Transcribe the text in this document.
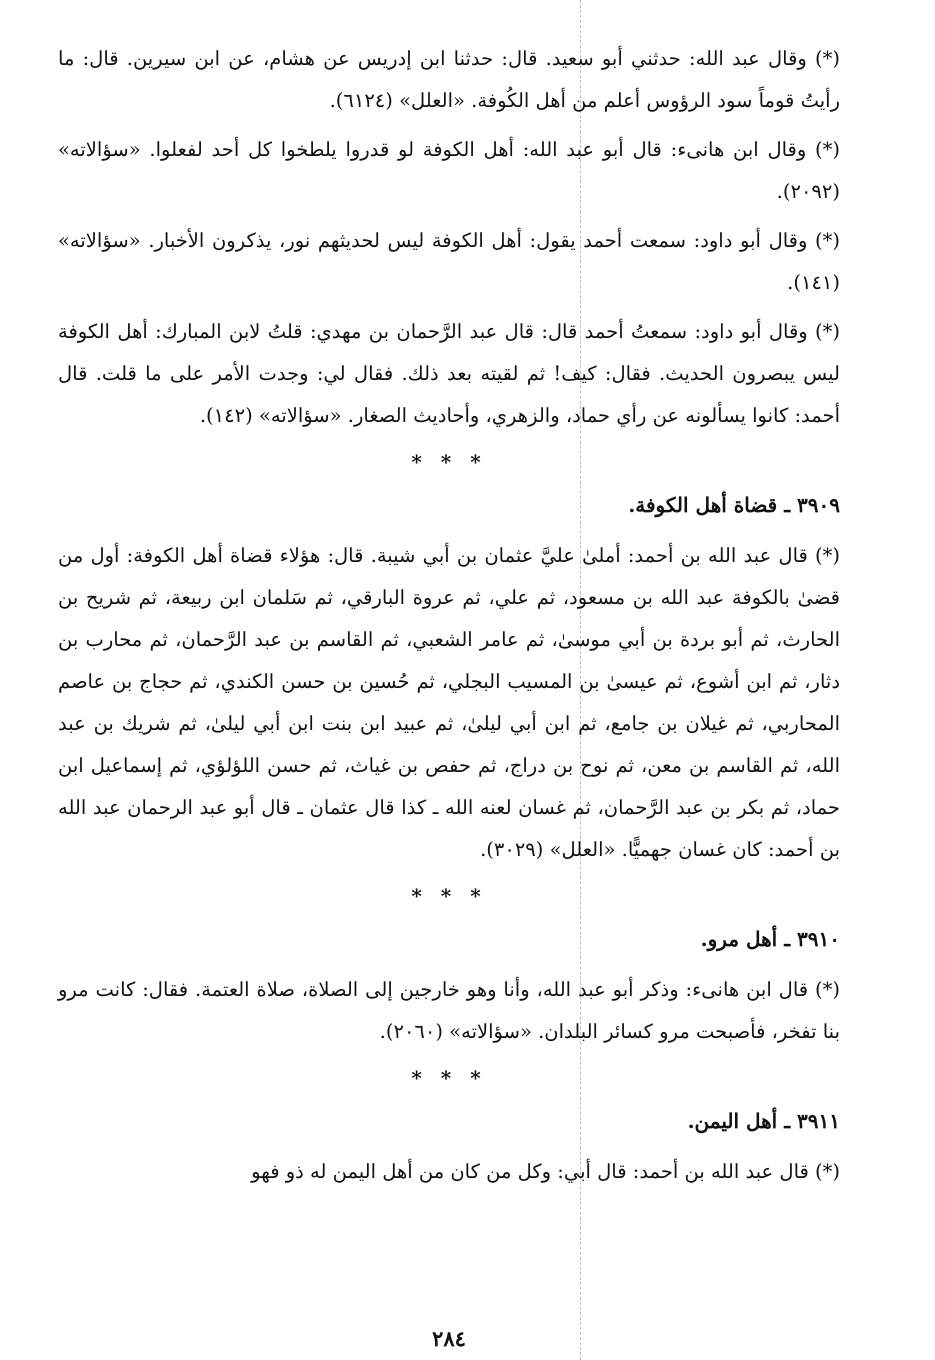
(*) وقال عبد الله: حدثني أبو سعيد. قال: حدثنا ابن إدريس عن هشام، عن ابن سيرين. قال: ما رأيتُ قوماً سود الرؤوس أعلم من أهل الكُوفة. «العلل» (٦١٢٤).

(*) وقال ابن هانىء: قال أبو عبد الله: أهل الكوفة لو قدروا يلطخوا كل أحد لفعلوا. «سؤالاته» (٢٠٩٢).

(*) وقال أبو داود: سمعت أحمد يقول: أهل الكوفة ليس لحديثهم نور، يذكرون الأخبار. «سؤالاته» (١٤١).

(*) وقال أبو داود: سمعتُ أحمد قال: قال عبد الرَّحمان بن مهدي: قلتُ لابن المبارك: أهل الكوفة ليس يبصرون الحديث. فقال: كيف! ثم لقيته بعد ذلك. فقال لي: وجدت الأمر على ما قلت. قال أحمد: كانوا يسألونه عن رأي حماد، والزهري، وأحاديث الصغار. «سؤالاته» (١٤٢).

* * *
٣٩٠٩ ـ قضاة أهل الكوفة.

(*) قال عبد الله بن أحمد: أملىٰ عليَّ عثمان بن أبي شيبة. قال: هؤلاء قضاة أهل الكوفة: أول من قضىٰ بالكوفة عبد الله بن مسعود، ثم علي، ثم عروة البارقي، ثم سَلمان ابن ربيعة، ثم شريح بن الحارث، ثم أبو بردة بن أبي موسىٰ، ثم عامر الشعبي، ثم القاسم بن عبد الرَّحمان، ثم محارب بن دثار، ثم ابن أشوع، ثم عيسىٰ بن المسيب البجلي، ثم حُسين بن حسن الكندي، ثم حجاج بن عاصم المحاربي، ثم غيلان بن جامع، ثم ابن أبي ليلىٰ، ثم عبيد ابن بنت ابن أبي ليلىٰ، ثم شريك بن عبد الله، ثم القاسم بن معن، ثم نوح بن دراج، ثم حفص بن غياث، ثم حسن اللؤلؤي، ثم إسماعيل ابن حماد، ثم بكر بن عبد الرَّحمان، ثم غسان لعنه الله ـ كذا قال عثمان ـ قال أبو عبد الرحمان عبد الله بن أحمد: كان غسان جهميًّا. «العلل» (٣٠٢٩).

* * *
٣٩١٠ ـ أهل مرو.

(*) قال ابن هانىء: وذكر أبو عبد الله، وأنا وهو خارجين إلى الصلاة، صلاة العتمة. فقال: كانت مرو بنا تفخر، فأصبحت مرو كسائر البلدان. «سؤالاته» (٢٠٦٠).

* * *
٣٩١١ ـ أهل اليمن.

(*) قال عبد الله بن أحمد: قال أبي: وكل من كان من أهل اليمن له ذو فهو

٢٨٤
